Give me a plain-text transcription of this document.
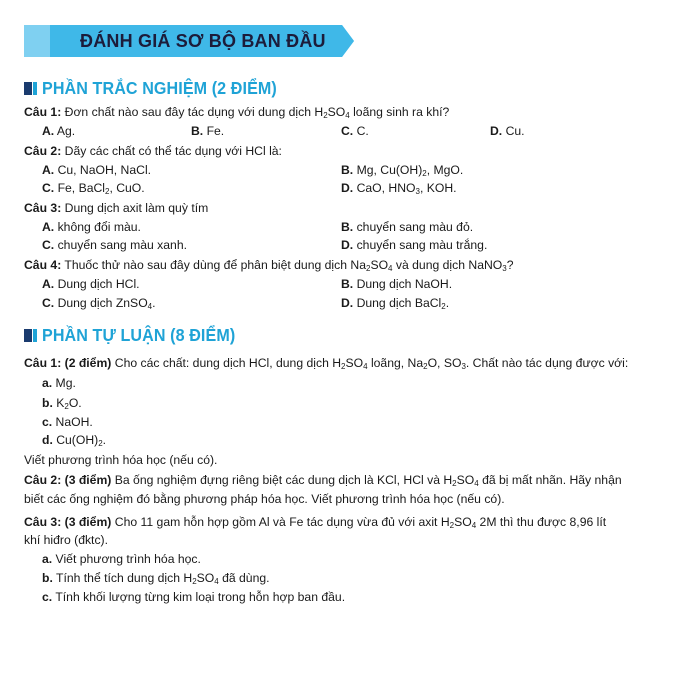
ĐÁNH GIÁ SƠ BỘ BAN ĐẦU
PHẦN TRẮC NGHIỆM (2 ĐIỂM)
Câu 1: Đơn chất nào sau đây tác dụng với dung dịch $H_2SO_4$ loãng sinh ra khí?
A. Ag.	B. Fe.	C. C.	D. Cu.
Câu 2: Dãy các chất có thể tác dụng với HCl là:
A. Cu, NaOH, NaCl.	B. Mg, $Cu(OH)_2$, MgO.
C. Fe, BaCl$_2$, CuO.	D. CaO, $HNO_3$, KOH.
Câu 3: Dung dịch axit làm quỳ tím
A. không đổi màu.	B. chuyển sang màu đỏ.
C. chuyển sang màu xanh.	D. chuyển sang màu trắng.
Câu 4: Thuốc thử nào sau đây dùng để phân biệt dung dịch $Na_2SO_4$ và dung dịch NaNO$_3$?
A. Dung dịch HCl.	B. Dung dịch NaOH.
C. Dung dịch ZnSO$_4$.	D. Dung dịch BaCl$_2$.
PHẦN TỰ LUẬN (8 ĐIỂM)
Câu 1: (2 điểm) Cho các chất: dung dịch HCl, dung dịch $H_2SO_4$ loãng, $Na_2O$, $SO_3$. Chất nào tác dụng được với:
a. Mg.
b. $K_2O$.
c. NaOH.
d. $Cu(OH)_2$.
Viết phương trình hóa học (nếu có).
Câu 2: (3 điểm) Ba ống nghiệm đựng riêng biệt các dung dịch là KCl, HCl và $H_2SO_4$ đã bị mất nhãn. Hãy nhận
biết các ống nghiệm đó bằng phương pháp hóa học. Viết phương trình hóa học (nếu có).
Câu 3: (3 điểm) Cho 11 gam hỗn hợp gồm Al và Fe tác dụng vừa đủ với axit $H_2SO_4$ 2M thì thu được 8,96 lít
khí hiđro (đktc).
a. Viết phương trình hóa học.
b. Tính thể tích dung dịch $H_2SO_4$ đã dùng.
c. Tính khối lượng từng kim loại trong hỗn hợp ban đầu.
